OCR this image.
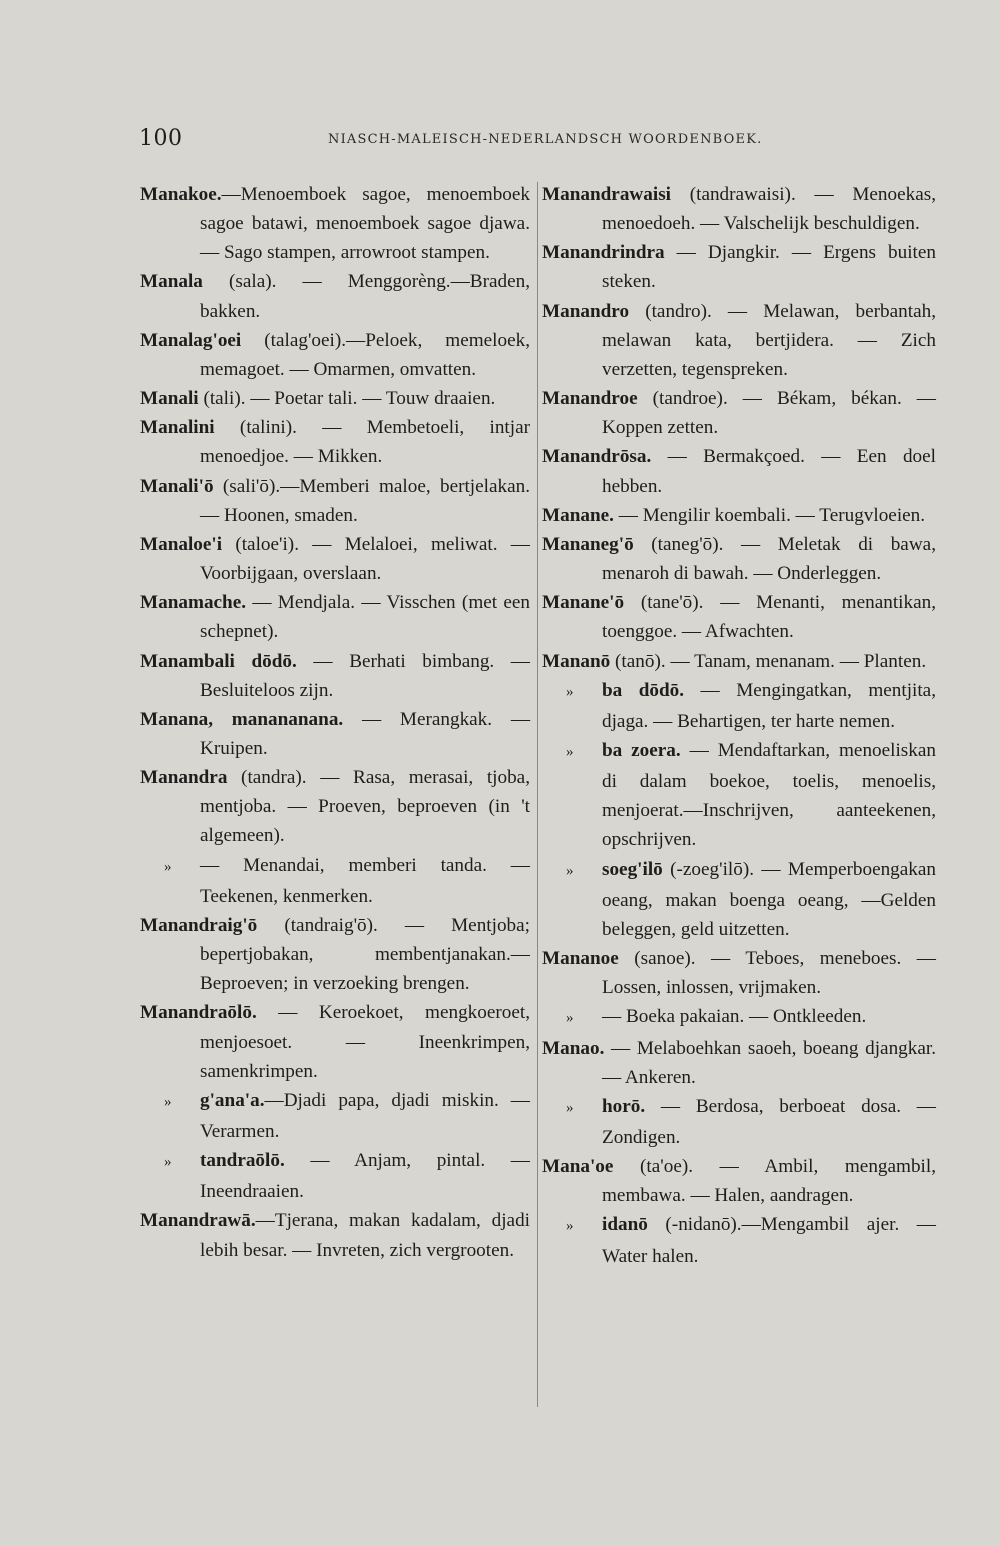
100	NIASCH-MALEISCH-NEDERLANDSCH WOORDENBOEK.
Manakoe.—Menoemboek sagoe, menoemboek sagoe batawi, menoemboek sagoe djawa. — Sago stampen, arrowroot stampen.
Manala (sala). — Menggorèng.—Braden, bakken.
Manalag'oei (talag'oei).—Peloek, memeloek, memagoet. — Omarmen, omvatten.
Manali (tali). — Poetar tali. — Touw draaien.
Manalini (talini). — Membetoeli, intjar menoedjoe. — Mikken.
Manali'ō (sali'ō).—Memberi maloe, bertjelakan. — Hoonen, smaden.
Manaloe'i (taloe'i). — Melaloei, meliwat. — Voorbijgaan, overslaan.
Manamache. — Mendjala. — Visschen (met een schepnet).
Manambali dōdō. — Berhati bimbang. — Besluiteloos zijn.
Manana, manananana. — Merangkak. — Kruipen.
Manandra (tandra). — Rasa, merasai, tjoba, mentjoba. — Proeven, beproeven (in 't algemeen).
» — Menandai, memberi tanda. — Teekenen, kenmerken.
Manandraig'ō (tandraig'ō). — Mentjoba; bepertjobakan, membentjanakan.— Beproeven; in verzoeking brengen.
Manandraōlō. — Keroekoet, mengkoeroet, menjoesoet. — Ineenkrimpen, samenkrimpen.
» g'ana'a.—Djadi papa, djadi miskin. — Verarmen.
» tandraōlō. — Anjam, pintal. — Ineendraaien.
Manandrawā.—Tjerana, makan kadalam, djadi lebih besar. — Invreten, zich vergrooten.
Manandrawaisi (tandrawaisi). — Menoekas, menoedoeh. — Valschelijk beschuldigen.
Manandrindra — Djangkir. — Ergens buiten steken.
Manandro (tandro). — Melawan, berbantah, melawan kata, bertjidera. — Zich verzetten, tegenspreken.
Manandroe (tandroe). — Békam, békan. — Koppen zetten.
Manandrōsa. — Bermakçoed. — Een doel hebben.
Manane. — Mengilir koembali. — Terugvloeien.
Mananeg'ō (taneg'ō). — Meletak di bawa, menaroh di bawah. — Onderleggen.
Manane'ō (tane'ō). — Menanti, menantikan, toenggoe. — Afwachten.
Mananō (tanō). — Tanam, menanam. — Planten.
» ba dōdō. — Mengingatkan, mentjita, djaga. — Behartigen, ter harte nemen.
» ba zoera. — Mendaftarkan, menoeliskan di dalam boekoe, toelis, menoelis, menjoerat.—Inschrijven, aanteekenen, opschrijven.
» soeg'ilō (-zoeg'ilō). — Memperboengakan oeang, makan boenga oeang, —Gelden beleggen, geld uitzetten.
Mananoe (sanoe). — Teboes, meneboes. — Lossen, inlossen, vrijmaken.
» — Boeka pakaian. — Ontkleeden.
Manao. — Melaboehkan saoeh, boeang djangkar. — Ankeren.
» horō. — Berdosa, berboeat dosa. — Zondigen.
Mana'oe (ta'oe). — Ambil, mengambil, membawa. — Halen, aandragen.
» idanō (-nidanō).—Mengambil ajer. — Water halen.
